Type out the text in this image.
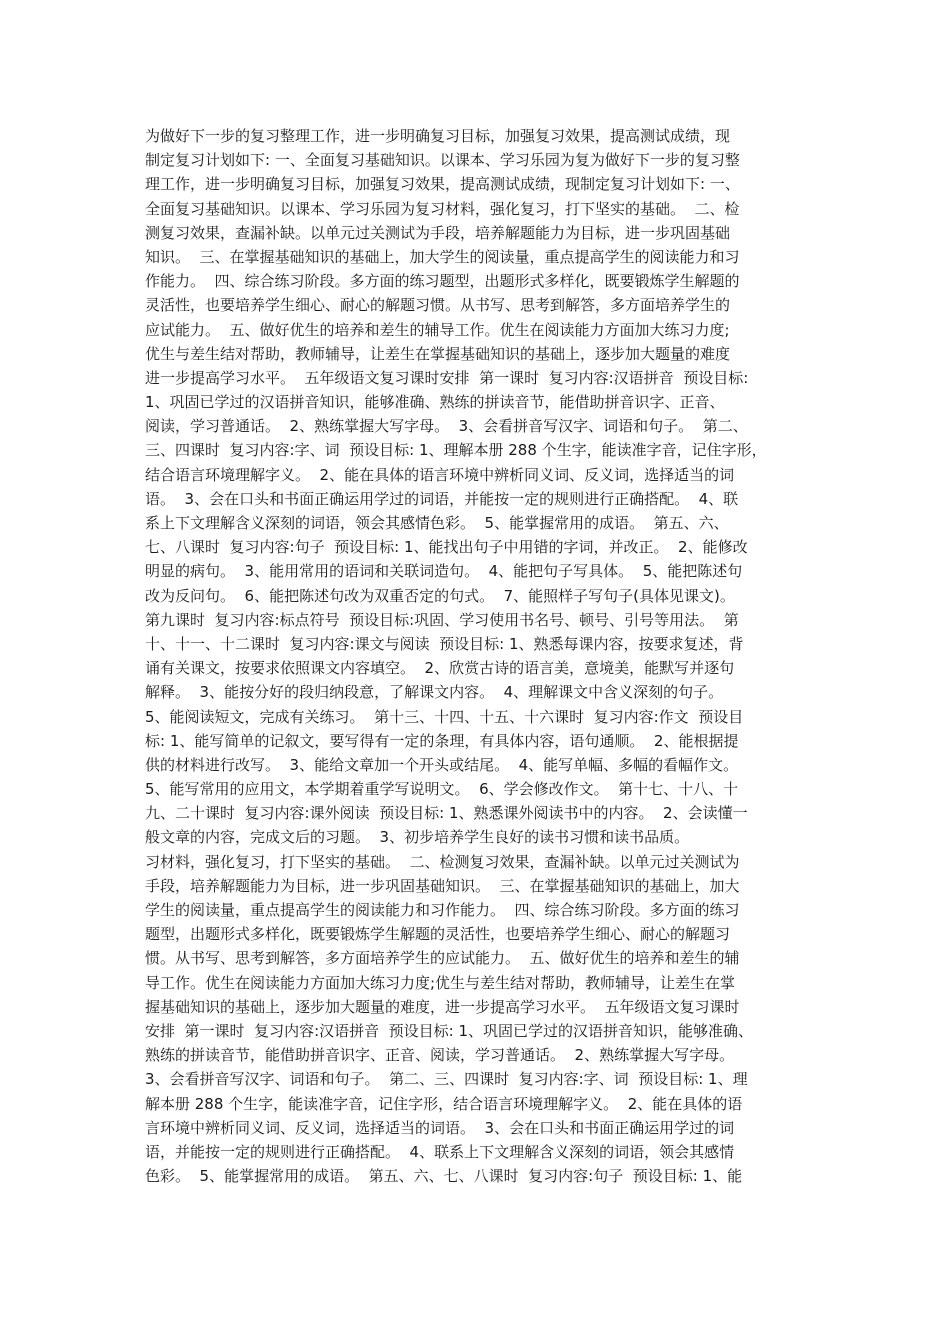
为做好下一步的复习整理工作，进一步明确复习目标，加强复习效果，提高测试成绩，现
制定复习计划如下: 一、全面复习基础知识。以课本、学习乐园为复为做好下一步的复习整
理工作，进一步明确复习目标，加强复习效果，提高测试成绩，现制定复习计划如下: 一、
全面复习基础知识。以课本、学习乐园为复习材料，强化复习，打下坚实的基础。  二、检
测复习效果，查漏补缺。以单元过关测试为手段，培养解题能力为目标，进一步巩固基础
知识。  三、在掌握基础知识的基础上，加大学生的阅读量，重点提高学生的阅读能力和习
作能力。  四、综合练习阶段。多方面的练习题型，出题形式多样化，既要锻炼学生解题的
灵活性，也要培养学生细心、耐心的解题习惯。从书写、思考到解答，多方面培养学生的
应试能力。  五、做好优生的培养和差生的辅导工作。优生在阅读能力方面加大练习力度;
优生与差生结对帮助，教师辅导，让差生在掌握基础知识的基础上，逐步加大题量的难度
进一步提高学习水平。  五年级语文复习课时安排  第一课时  复习内容:汉语拼音  预设目标:
1、巩固已学过的汉语拼音知识，能够准确、熟练的拼读音节，能借助拼音识字、正音、
阅读，学习普通话。  2、熟练掌握大写字母。  3、会看拼音写汉字、词语和句子。  第二、
三、四课时  复习内容:字、词  预设目标: 1、理解本册 288 个生字，能读准字音，记住字形，
结合语言环境理解字义。  2、能在具体的语言环境中辨析同义词、反义词，选择适当的词
语。  3、会在口头和书面正确运用学过的词语，并能按一定的规则进行正确搭配。  4、联
系上下文理解含义深刻的词语，领会其感情色彩。  5、能掌握常用的成语。  第五、六、
七、八课时  复习内容:句子  预设目标: 1、能找出句子中用错的字词，并改正。  2、能修改
明显的病句。  3、能用常用的语词和关联词造句。  4、能把句子写具体。  5、能把陈述句
改为反问句。  6、能把陈述句改为双重否定的句式。  7、能照样子写句子(具体见课文)。
第九课时  复习内容:标点符号  预设目标:巩固、学习使用书名号、顿号、引号等用法。  第
十、十一、十二课时  复习内容:课文与阅读  预设目标: 1、熟悉每课内容，按要求复述，背
诵有关课文，按要求依照课文内容填空。  2、欣赏古诗的语言美，意境美，能默写并逐句
解释。  3、能按分好的段归纳段意，了解课文内容。  4、理解课文中含义深刻的句子。
5、能阅读短文，完成有关练习。  第十三、十四、十五、十六课时  复习内容:作文  预设目
标: 1、能写简单的记叙文，要写得有一定的条理，有具体内容，语句通顺。  2、能根据提
供的材料进行改写。  3、能给文章加一个开头或结尾。  4、能写单幅、多幅的看幅作文。
5、能写常用的应用文，本学期着重学写说明文。  6、学会修改作文。  第十七、十八、十
九、二十课时  复习内容:课外阅读  预设目标: 1、熟悉课外阅读书中的内容。  2、会读懂一
般文章的内容，完成文后的习题。  3、初步培养学生良好的读书习惯和读书品质。
习材料，强化复习，打下坚实的基础。  二、检测复习效果，查漏补缺。以单元过关测试为
手段，培养解题能力为目标，进一步巩固基础知识。  三、在掌握基础知识的基础上，加大
学生的阅读量，重点提高学生的阅读能力和习作能力。  四、综合练习阶段。多方面的练习
题型，出题形式多样化，既要锻炼学生解题的灵活性，也要培养学生细心、耐心的解题习
惯。从书写、思考到解答，多方面培养学生的应试能力。  五、做好优生的培养和差生的辅
导工作。优生在阅读能力方面加大练习力度;优生与差生结对帮助，教师辅导，让差生在掌
握基础知识的基础上，逐步加大题量的难度，进一步提高学习水平。  五年级语文复习课时
安排  第一课时  复习内容:汉语拼音  预设目标: 1、巩固已学过的汉语拼音知识，能够准确、
熟练的拼读音节，能借助拼音识字、正音、阅读，学习普通话。  2、熟练掌握大写字母。
3、会看拼音写汉字、词语和句子。  第二、三、四课时  复习内容:字、词  预设目标: 1、理
解本册 288 个生字，能读准字音，记住字形，结合语言环境理解字义。  2、能在具体的语
言环境中辨析同义词、反义词，选择适当的词语。  3、会在口头和书面正确运用学过的词
语，并能按一定的规则进行正确搭配。  4、联系上下文理解含义深刻的词语，领会其感情
色彩。  5、能掌握常用的成语。  第五、六、七、八课时  复习内容:句子  预设目标: 1、能
